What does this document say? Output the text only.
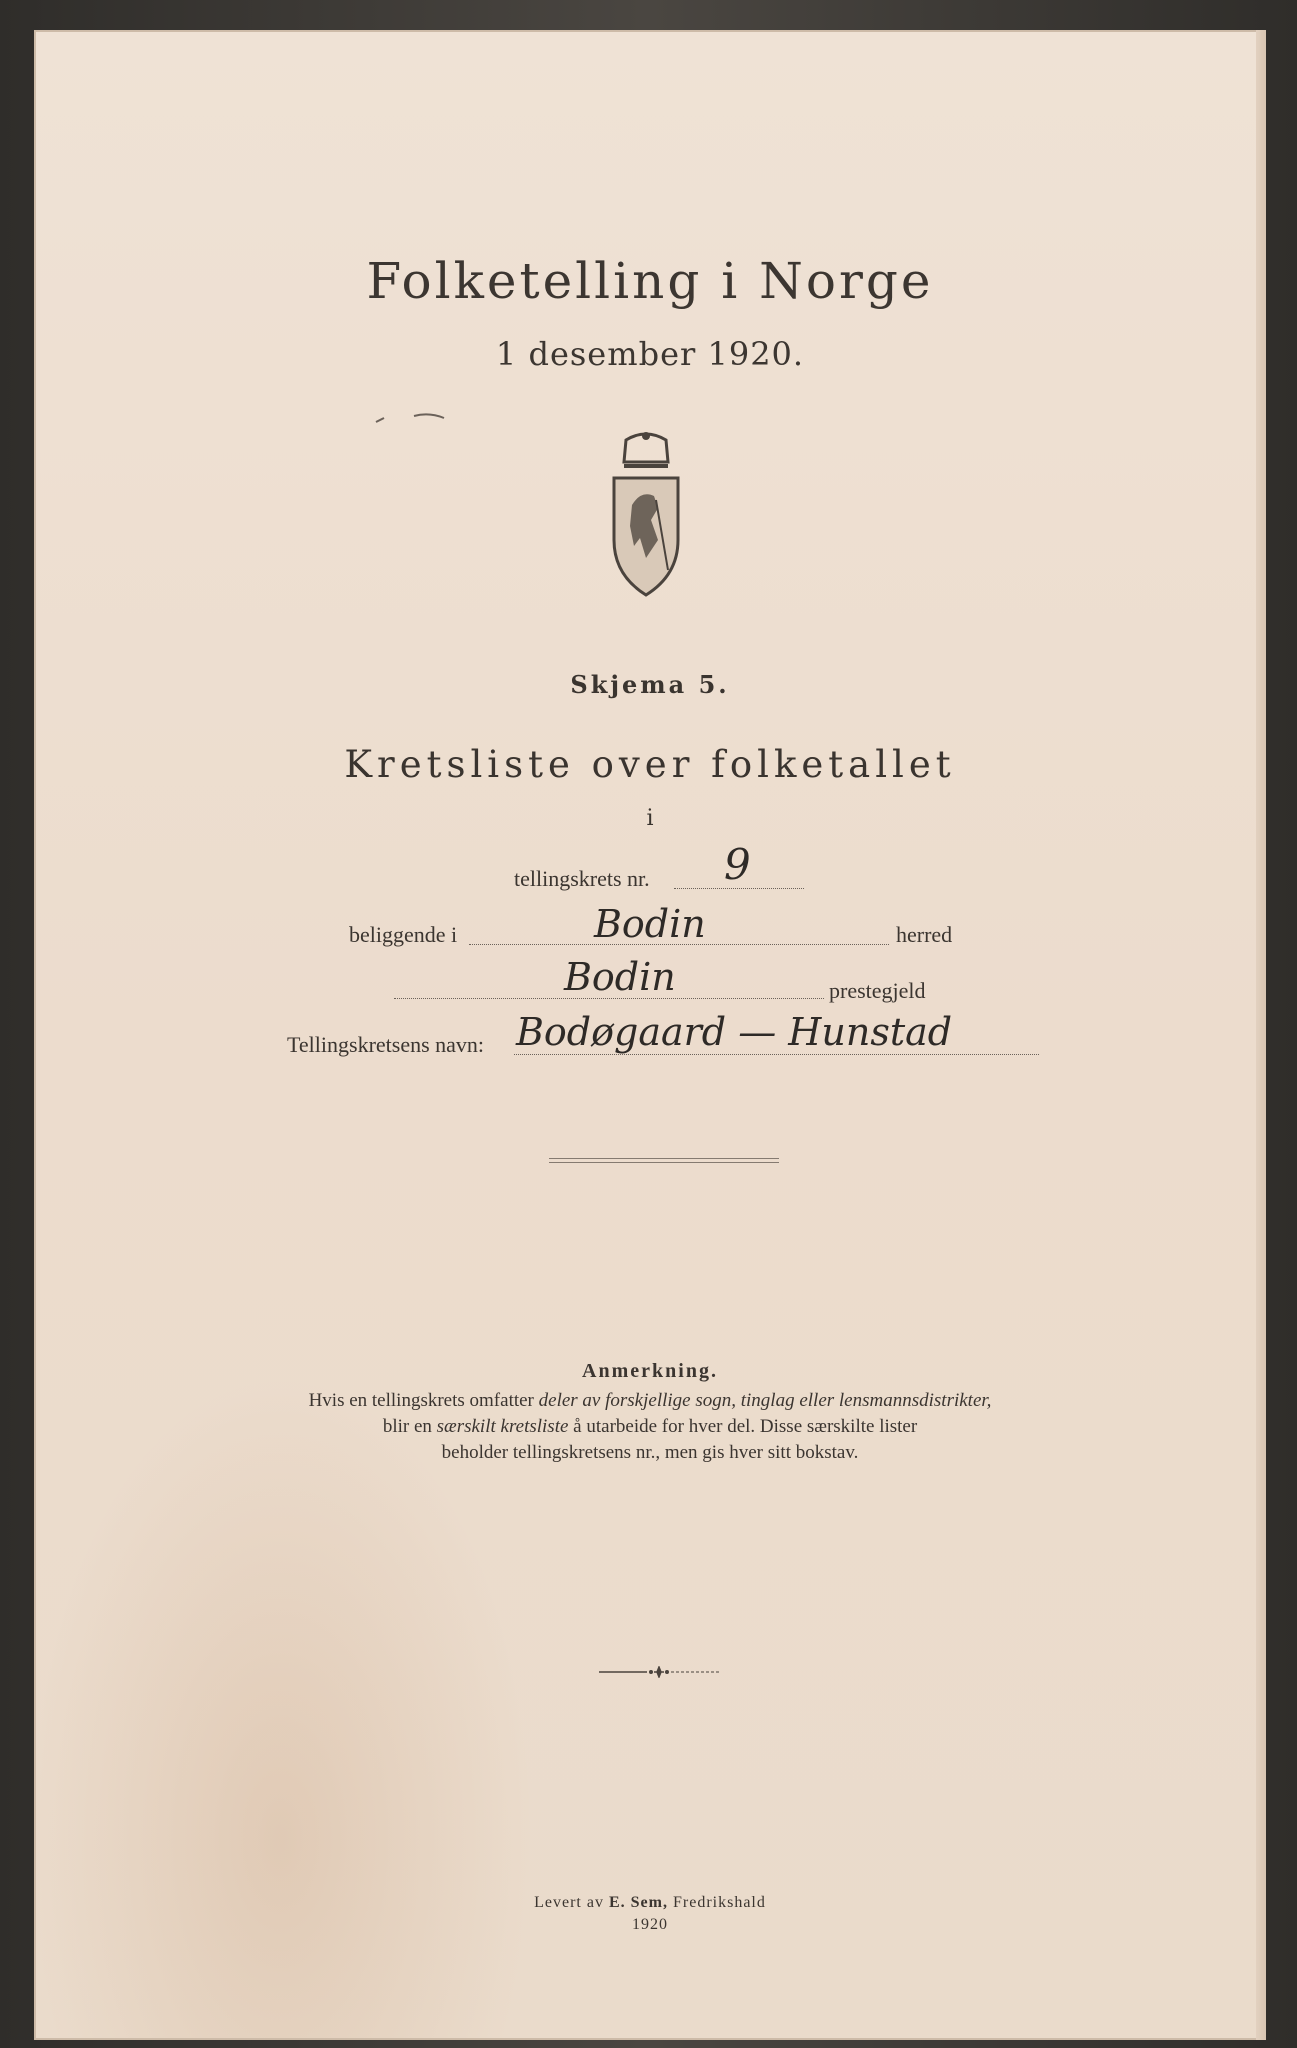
Folketelling i Norge
1 desember 1920.
Skjema 5.
Kretsliste over folketallet
i
tellingskrets nr. 9
beliggende i	Bodin	herred
Bodin	prestegjeld
Tellingskretsens navn: Bodøgaard — Hunstad
Anmerkning.
Hvis en tellingskrets omfatter deler av forskjellige sogn, tinglag eller lensmannsdistrikter,
blir en særskilt kretsliste å utarbeide for hver del. Disse særskilte lister
beholder tellingskretsens nr., men gis hver sitt bokstav.
Levert av E. Sem, Fredrikshald
1920
